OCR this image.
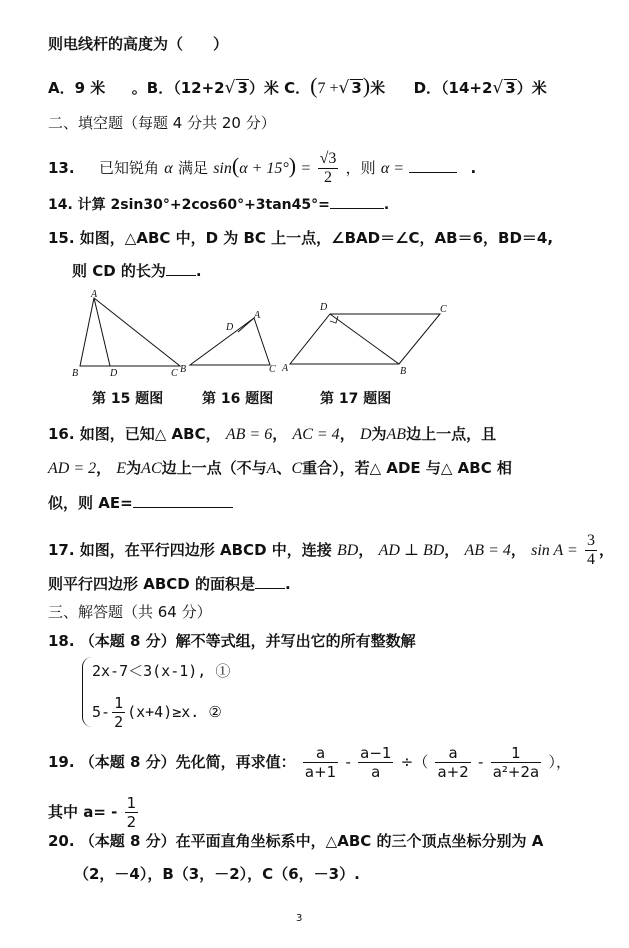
则电线杆的高度为（　　）
A．9 米 。B．（12+2√ 3）米 C．(7 +√ 3)米 D．（14+2√ 3）米
二、填空题（每题 4 分共 20 分）
13. 已知锐角 α 满足 $\sin(\alpha + 15^\circ) = \frac{√3}{2}$ ，则 α =	.
14. 计算 2sin30°+2cos60°+3tan45°=	.
15. 如图，△ABC 中，D 为 BC 上一点，∠BAD＝∠C，AB＝6，BD＝4,
则 CD 的长为 .
A
B	D	C
D
A
B	C
D	C
A	B
第 15 题图	第 16 题图	第 17 题图
16. 如图，已知△ ABC， AB = 6， AC = 4， D为AB边上一点，且
AD = 2， E为AC边上一点（不与A、C重合），若△ ADE 与△ ABC 相
似，则 AE=
17. 如图，在平行四边形 ABCD 中，连接 BD， AD ⊥ BD， AB = 4， $\sin A = \frac{3}{4}$ ，
则平行四边形 ABCD 的面积是 .
三、解答题（共 64 分）
18. （本题 8 分）解不等式组，并写出它的所有整数解
2x-7＜3(x-1), ①
$5- \frac{1}{2} (x+4)\ge x$. ②
19. （本题 8 分）先化简，再求值： $\frac{a}{a+1} - \frac{a-1}{a}$ ÷（ $\frac{a}{a+2} - \frac{1}{\text{a²+2a}}$ ），
其中 $a= - \frac{1}{2}$
20. （本题 8 分）在平面直角坐标系中，△ABC 的三个顶点坐标分别为 A
（2，－4），B（3，－2），C（6，－3）.
3
